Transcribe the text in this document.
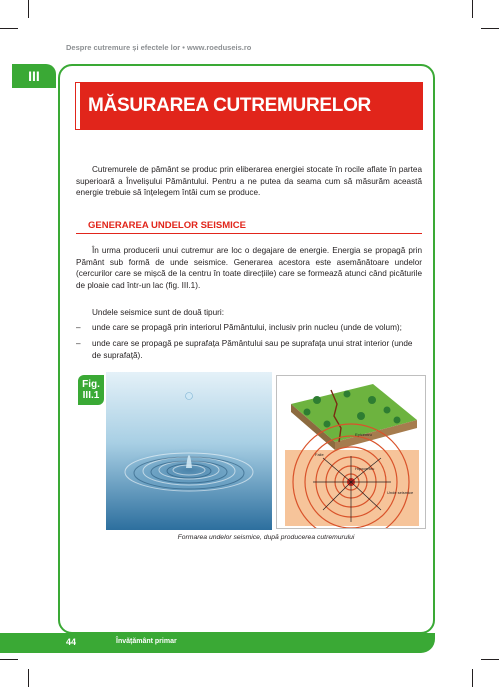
Despre cutremure și efectele lor • www.roeduseis.ro
III
MĂSURAREA CUTREMURELOR
Cutremurele de pământ se produc prin eliberarea energiei stocate în rocile aflate în partea superioară a Învelișului Pământului. Pentru a ne putea da seama cum să măsurăm această energie trebuie să înțelegem întâi cum se produce.
GENERAREA UNDELOR SEISMICE
În urma producerii unui cutremur are loc o degajare de energie. Energia se propagă prin Pământ sub formă de unde seismice. Generarea acestora este asemănătoare undelor (cercurilor care se mișcă de la centru în toate direcțiile) care se formează atunci când picăturile de ploaie cad într-un lac (fig. III.1).
Undele seismice sunt de două tipuri:
– unde care se propagă prin interiorul Pământului, inclusiv prin nucleu (unde de volum);
– unde care se propagă pe suprafața Pământului sau pe suprafața unui strat interior (unde de suprafață).
Fig. III.1
Epicentru
Falie
Hipocentru
Unde seismice
Formarea undelor seismice, după producerea cutremurului
44	Învățământ primar
